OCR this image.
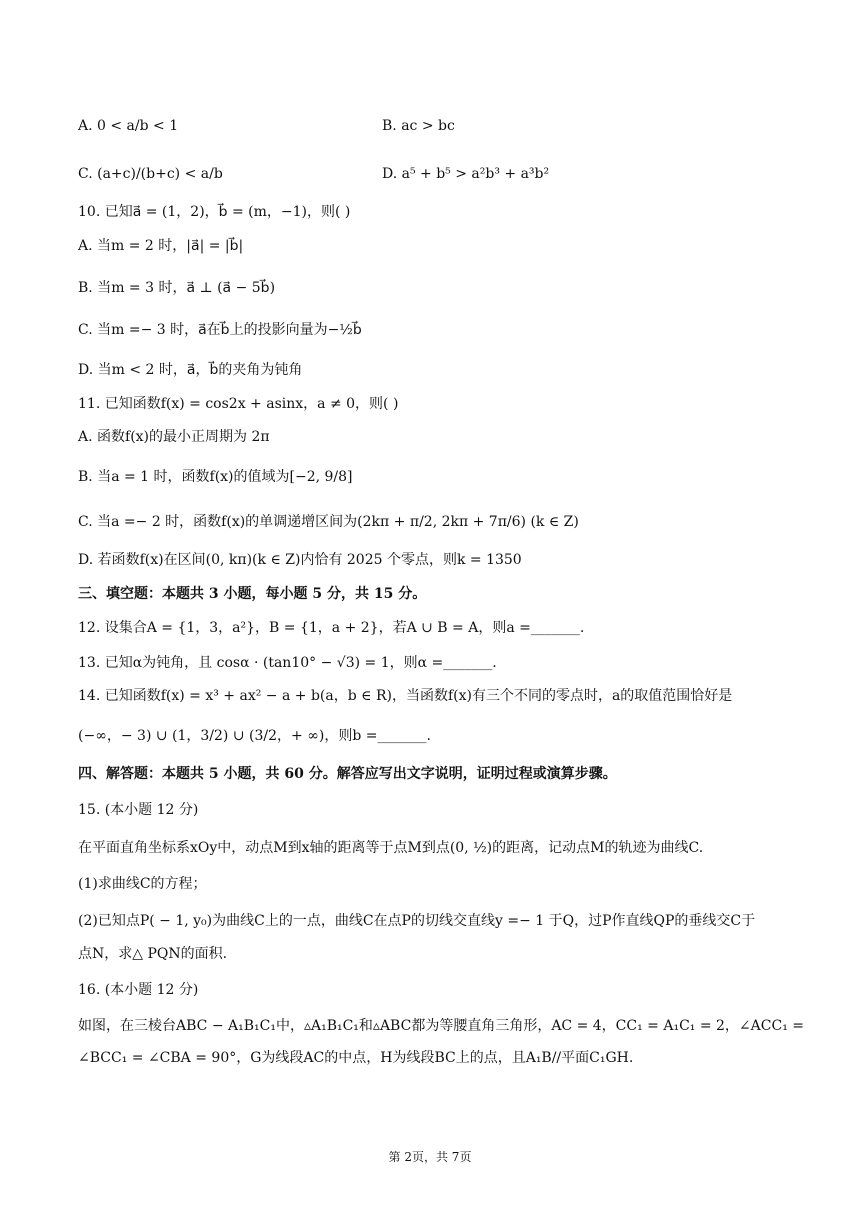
A. 0 < a/b < 1	B. ac > bc
C. (a+c)/(b+c) < a/b	D. a⁵ + b⁵ > a²b³ + a³b²
10. 已知a⃗ = (1，2)，b⃗ = (m，−1)，则( )
A. 当m = 2 时，|a⃗| = |b⃗|
B. 当m = 3 时，a⃗ ⊥ (a⃗ − 5b⃗)
C. 当m =− 3 时，a⃗在b⃗上的投影向量为−½b⃗
D. 当m < 2 时，a⃗，b⃗的夹角为钝角
11. 已知函数f(x) = cos2x + asinx，a ≠ 0，则( )
A. 函数f(x)的最小正周期为 2π
B. 当a = 1 时，函数f(x)的值域为[−2, 9/8]
C. 当a =− 2 时，函数f(x)的单调递增区间为(2kπ + π/2, 2kπ + 7π/6) (k ∈ Z)
D. 若函数f(x)在区间(0, kπ)(k ∈ Z)内恰有 2025 个零点，则k = 1350
三、填空题：本题共 3 小题，每小题 5 分，共 15 分。
12. 设集合A = {1，3，a²}，B = {1，a + 2}，若A ∪ B = A，则a =_______.
13. 已知α为钝角，且 cosα · (tan10° − √3) = 1，则α =_______.
14. 已知函数f(x) = x³ + ax² − a + b(a，b ∈ R)，当函数f(x)有三个不同的零点时，a的取值范围恰好是
(−∞，− 3) ∪ (1，3/2) ∪ (3/2，+ ∞)，则b =_______.
四、解答题：本题共 5 小题，共 60 分。解答应写出文字说明，证明过程或演算步骤。
15. (本小题 12 分)
在平面直角坐标系xOy中，动点M到x轴的距离等于点M到点(0, ½)的距离，记动点M的轨迹为曲线C.
(1)求曲线C的方程；
(2)已知点P( − 1, y₀)为曲线C上的一点，曲线C在点P的切线交直线y =− 1 于Q，过P作直线QP的垂线交C于
点N，求△ PQN的面积.
16. (本小题 12 分)
如图，在三棱台ABC − A₁B₁C₁中，▵A₁B₁C₁和▵ABC都为等腰直角三角形，AC = 4，CC₁ = A₁C₁ = 2，∠ACC₁ =
∠BCC₁ = ∠CBA = 90°，G为线段AC的中点，H为线段BC上的点，且A₁B//平面C₁GH.
第 2页，共 7页
